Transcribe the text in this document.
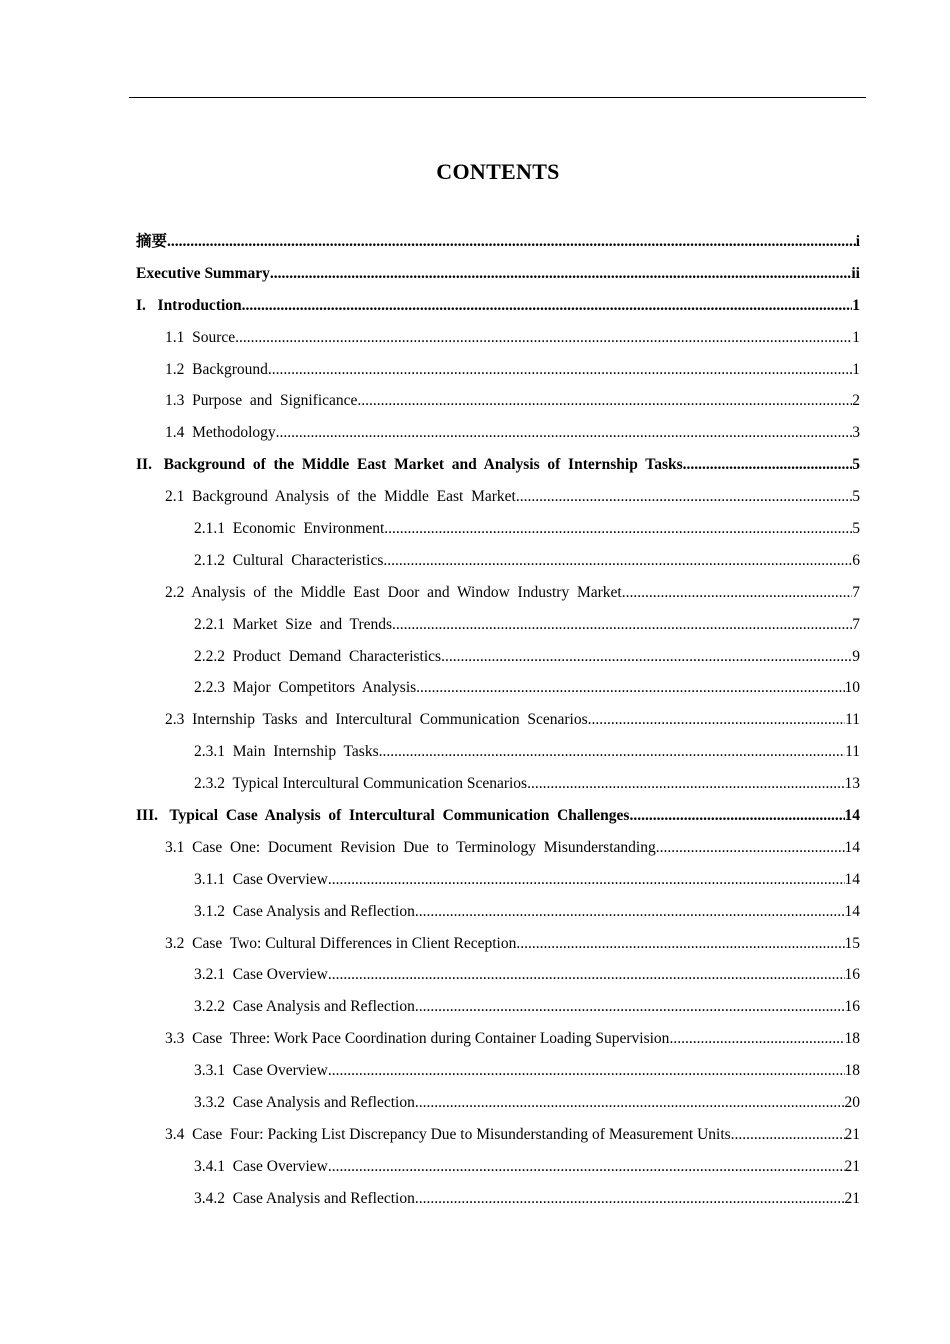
CONTENTS
摘要 .....	i
Executive Summary .....	ii
I.   Introduction .....	1
1.1  Source .....	1
1.2  Background .....	1
1.3  Purpose  and  Significance .....	2
1.4  Methodology .....	3
II.   Background  of  the  Middle  East  Market  and  Analysis  of  Internship  Tasks .....	5
2.1  Background  Analysis  of  the  Middle  East  Market .....	5
2.1.1  Economic  Environment .....	5
2.1.2  Cultural  Characteristics .....	6
2.2  Analysis  of  the  Middle  East  Door  and  Window  Industry  Market .....	7
2.2.1  Market  Size  and  Trends .....	7
2.2.2  Product  Demand  Characteristics .....	9
2.2.3  Major  Competitors  Analysis .....	10
2.3  Internship  Tasks  and  Intercultural  Communication  Scenarios .....	11
2.3.1  Main  Internship  Tasks .....	11
2.3.2  Typical Intercultural Communication Scenarios .....	13
III.   Typical  Case  Analysis  of  Intercultural  Communication  Challenges .....	14
3.1  Case  One:  Document  Revision  Due  to  Terminology  Misunderstanding .....	14
3.1.1  Case Overview .....	14
3.1.2  Case Analysis and Reflection .....	14
3.2  Case  Two: Cultural Differences in Client Reception .....	15
3.2.1  Case Overview .....	16
3.2.2  Case Analysis and Reflection .....	16
3.3  Case  Three: Work Pace Coordination during Container Loading Supervision .....	18
3.3.1  Case Overview .....	18
3.3.2  Case Analysis and Reflection .....	20
3.4  Case  Four: Packing List Discrepancy Due to Misunderstanding of Measurement Units .....	21
3.4.1  Case Overview .....	21
3.4.2  Case Analysis and Reflection .....	21
